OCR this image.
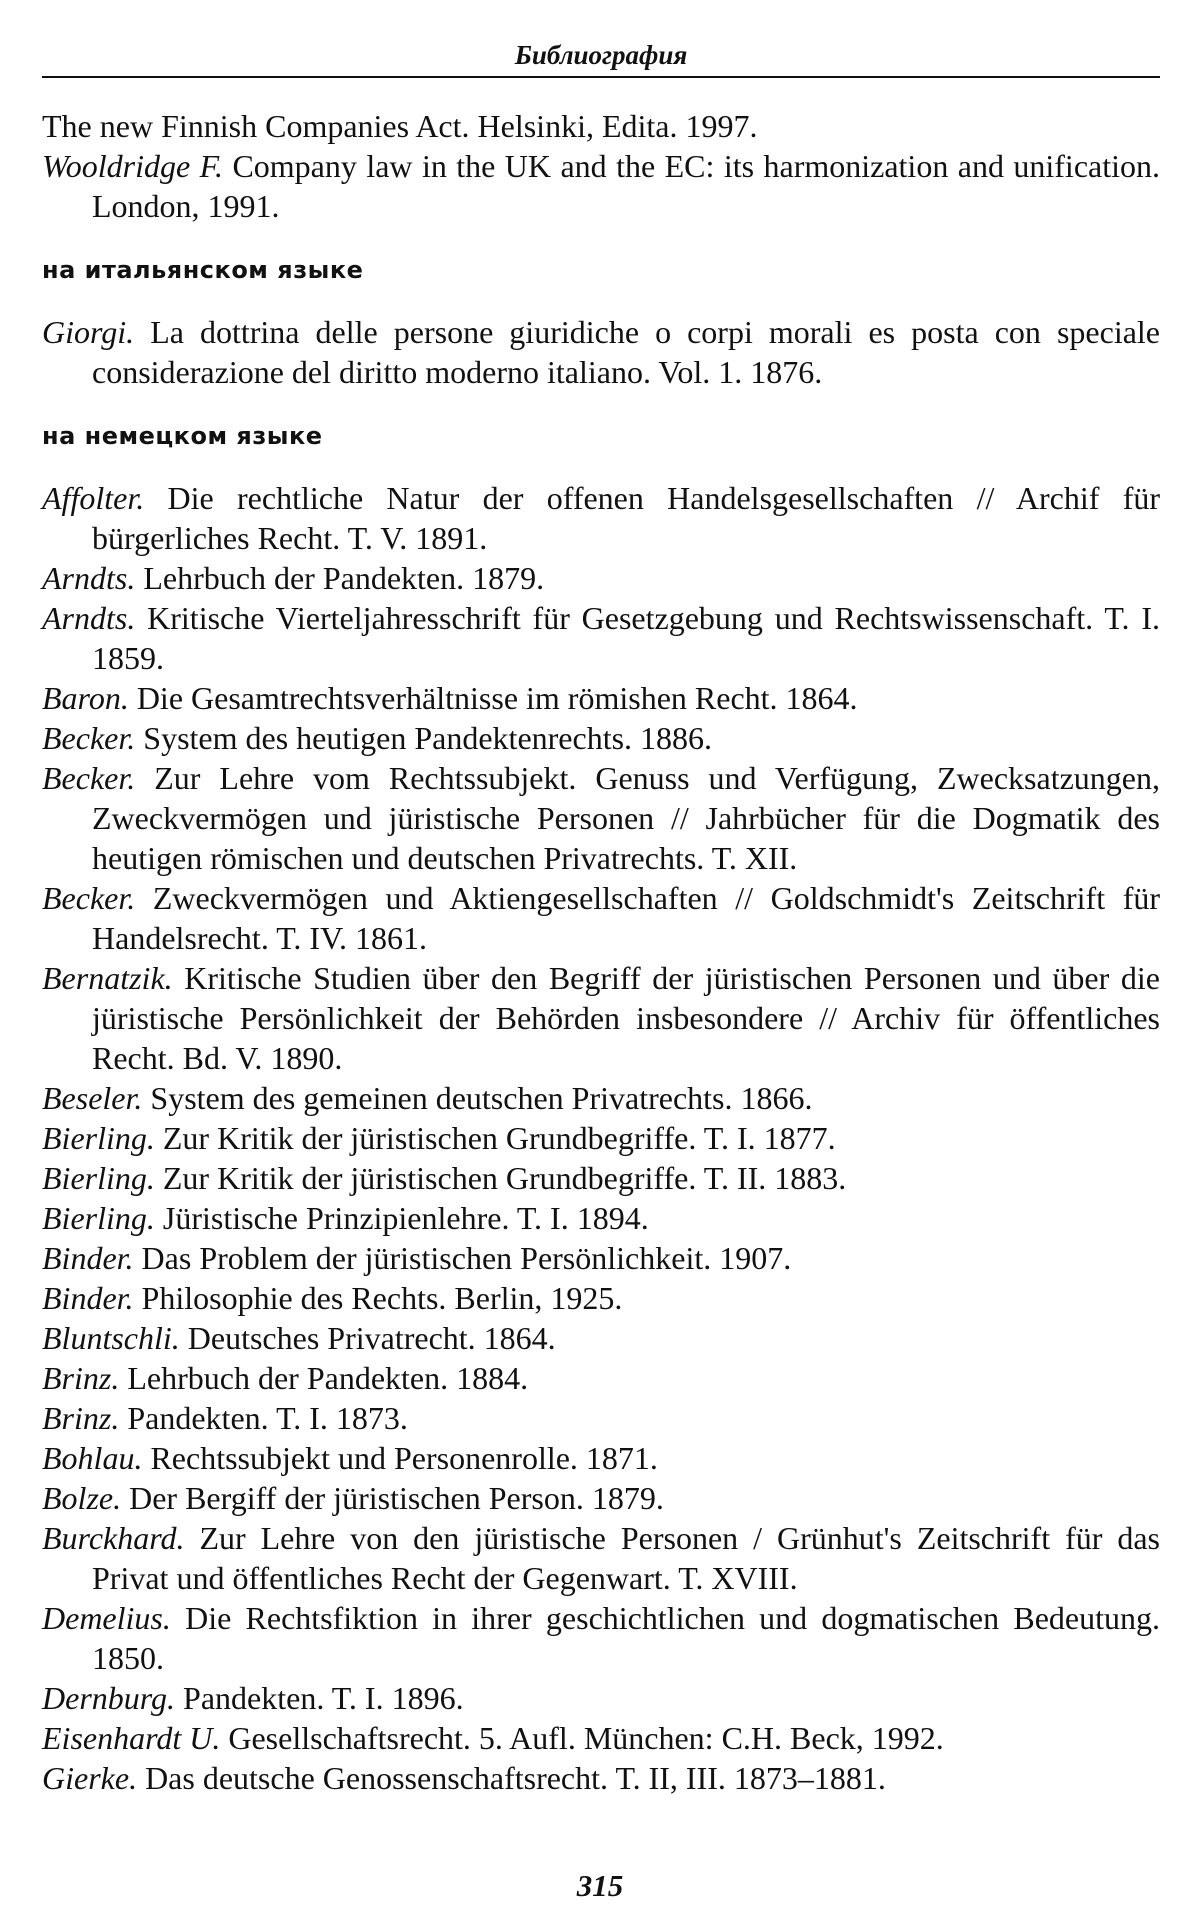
Библиография

The new Finnish Companies Act. Helsinki, Edita. 1997.

Wooldridge F. Company law in the UK and the EC: its harmonization and unification. London, 1991.

на итальянском языке

Giorgi. La dottrina delle persone giuridiche o corpi morali es posta con speciale considerazione del diritto moderno italiano. Vol. 1. 1876.

на немецком языке

Affolter. Die rechtliche Natur der offenen Handelsgesellschaften // Archif für bürgerliches Recht. T. V. 1891.

Arndts. Lehrbuch der Pandekten. 1879.

Arndts. Kritische Vierteljahresschrift für Gesetzgebung und Rechtswissenschaft. T. I. 1859.

Baron. Die Gesamtrechtsverhältnisse im römishen Recht. 1864.

Becker. System des heutigen Pandektenrechts. 1886.

Becker. Zur Lehre vom Rechtssubjekt. Genuss und Verfügung, Zwecksatzungen, Zweckvermögen und jüristische Personen // Jahrbücher für die Dogmatik des heutigen römischen und deutschen Privatrechts. T. XII.

Becker. Zweckvermögen und Aktiengesellschaften // Goldschmidt's Zeitschrift für Handelsrecht. T. IV. 1861.

Bernatzik. Kritische Studien über den Begriff der jüristischen Personen und über die jüristische Persönlichkeit der Behörden insbesondere // Archiv für öffentliches Recht. Bd. V. 1890.

Beseler. System des gemeinen deutschen Privatrechts. 1866.

Bierling. Zur Kritik der jüristischen Grundbegriffe. T. I. 1877.

Bierling. Zur Kritik der jüristischen Grundbegriffe. T. II. 1883.

Bierling. Jüristische Prinzipienlehre. T. I. 1894.

Binder. Das Problem der jüristischen Persönlichkeit. 1907.

Binder. Philosophie des Rechts. Berlin, 1925.

Bluntschli. Deutsches Privatrecht. 1864.

Brinz. Lehrbuch der Pandekten. 1884.

Brinz. Pandekten. T. I. 1873.

Bohlau. Rechtssubjekt und Personenrolle. 1871.

Bolze. Der Bergiff der jüristischen Person. 1879.

Burckhard. Zur Lehre von den jüristische Personen / Grünhut's Zeitschrift für das Privat und öffentliches Recht der Gegenwart. T. XVIII.

Demelius. Die Rechtsfiktion in ihrer geschichtlichen und dogmatischen Bedeutung. 1850.

Dernburg. Pandekten. T. I. 1896.

Eisenhardt U. Gesellschaftsrecht. 5. Aufl. München: C.H. Beck, 1992.

Gierke. Das deutsche Genossenschaftsrecht. T. II, III. 1873–1881.

315
